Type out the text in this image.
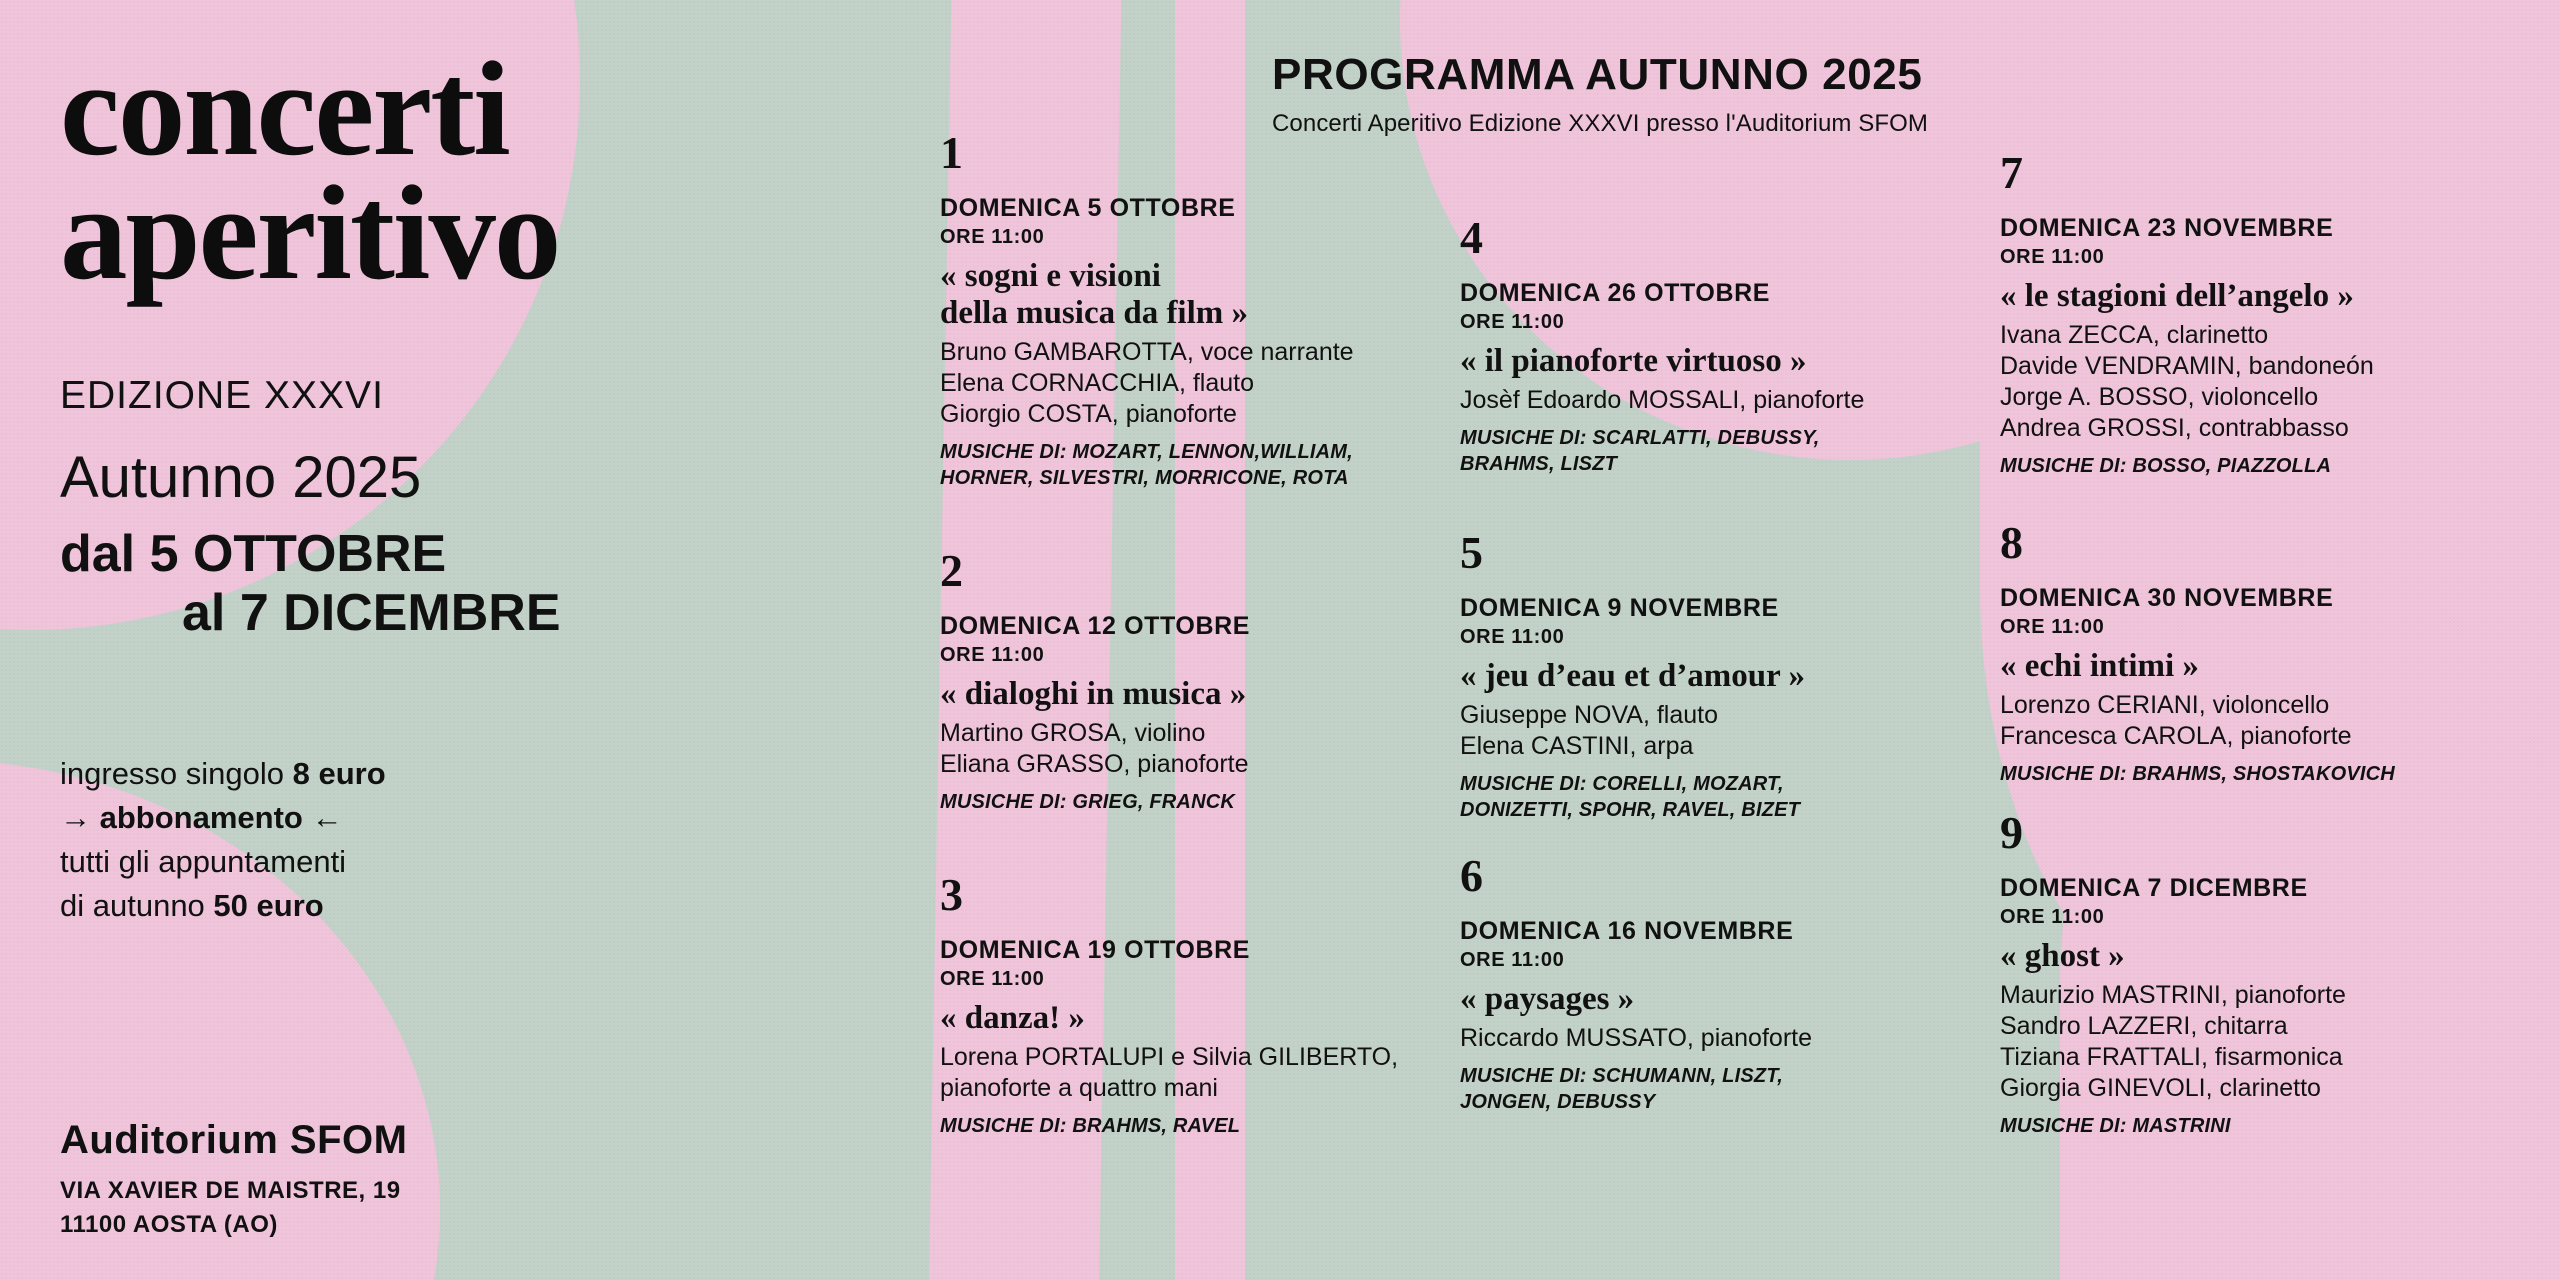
concerti
aperitivo
EDIZIONE XXXVI
Autunno 2025
dal 5 OTTOBRE
al 7 DICEMBRE
ingresso singolo 8 euro
→ abbonamento ←
tutti gli appuntamenti
di autunno 50 euro
Auditorium SFOM
VIA XAVIER DE MAISTRE, 19
11100 AOSTA (AO)
PROGRAMMA AUTUNNO 2025
Concerti Aperitivo Edizione XXXVI presso l'Auditorium SFOM
1
DOMENICA 5 OTTOBRE
ORE 11:00
« sogni e visioni
della musica da film »
Bruno GAMBAROTTA, voce narrante
Elena CORNACCHIA, flauto
Giorgio COSTA, pianoforte
MUSICHE DI: MOZART, LENNON,WILLIAM,
HORNER, SILVESTRI, MORRICONE, ROTA
2
DOMENICA 12 OTTOBRE
ORE 11:00
« dialoghi in musica »
Martino GROSA, violino
Eliana GRASSO, pianoforte
MUSICHE DI: GRIEG, FRANCK
3
DOMENICA 19 OTTOBRE
ORE 11:00
« danza! »
Lorena PORTALUPI e Silvia GILIBERTO,
pianoforte a quattro mani
MUSICHE DI: BRAHMS, RAVEL
4
DOMENICA 26 OTTOBRE
ORE 11:00
« il pianoforte virtuoso »
Josèf Edoardo MOSSALI, pianoforte
MUSICHE DI: SCARLATTI, DEBUSSY,
BRAHMS, LISZT
5
DOMENICA 9 NOVEMBRE
ORE 11:00
« jeu d’eau et d’amour »
Giuseppe NOVA, flauto
Elena CASTINI, arpa
MUSICHE DI: CORELLI, MOZART,
DONIZETTI, SPOHR, RAVEL, BIZET
6
DOMENICA 16 NOVEMBRE
ORE 11:00
« paysages »
Riccardo MUSSATO, pianoforte
MUSICHE DI: SCHUMANN, LISZT,
JONGEN, DEBUSSY
7
DOMENICA 23 NOVEMBRE
ORE 11:00
« le stagioni dell’angelo »
Ivana ZECCA, clarinetto
Davide VENDRAMIN, bandoneón
Jorge A. BOSSO, violoncello
Andrea GROSSI, contrabbasso
MUSICHE DI: BOSSO, PIAZZOLLA
8
DOMENICA 30 NOVEMBRE
ORE 11:00
« echi intimi »
Lorenzo CERIANI, violoncello
Francesca CAROLA, pianoforte
MUSICHE DI: BRAHMS, SHOSTAKOVICH
9
DOMENICA 7 DICEMBRE
ORE 11:00
« ghost »
Maurizio MASTRINI, pianoforte
Sandro LAZZERI, chitarra
Tiziana FRATTALI, fisarmonica
Giorgia GINEVOLI, clarinetto
MUSICHE DI: MASTRINI
